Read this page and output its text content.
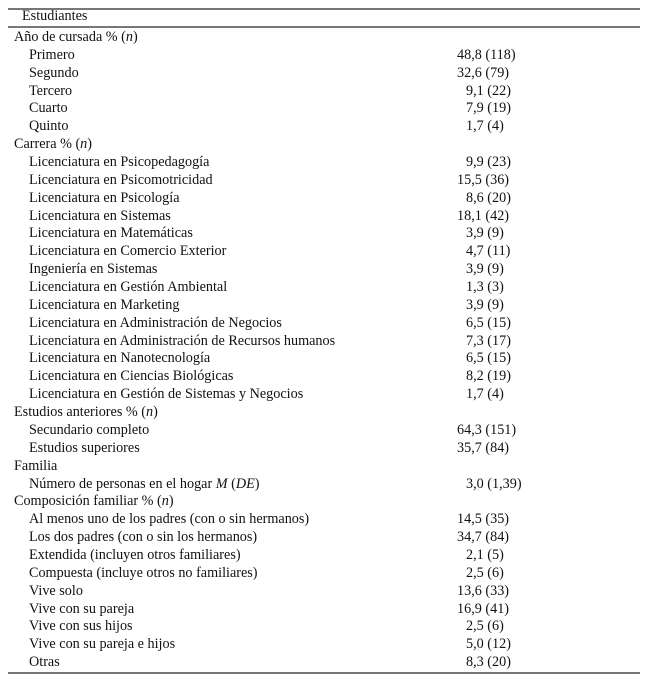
Estudiantes
Año de cursada % (n)
Primero	48,8 (118)
Segundo	32,6 (79)
Tercero	9,1 (22)
Cuarto	7,9 (19)
Quinto	1,7 (4)
Carrera % (n)
Licenciatura en Psicopedagogía	9,9 (23)
Licenciatura en Psicomotricidad	15,5 (36)
Licenciatura en Psicología	8,6 (20)
Licenciatura en Sistemas	18,1 (42)
Licenciatura en Matemáticas	3,9 (9)
Licenciatura en Comercio Exterior	4,7 (11)
Ingeniería en Sistemas	3,9 (9)
Licenciatura en Gestión Ambiental	1,3 (3)
Licenciatura en Marketing	3,9 (9)
Licenciatura en Administración de Negocios	6,5 (15)
Licenciatura en Administración de Recursos humanos	7,3 (17)
Licenciatura en Nanotecnología	6,5 (15)
Licenciatura en Ciencias Biológicas	8,2 (19)
Licenciatura en Gestión de Sistemas y Negocios	1,7 (4)
Estudios anteriores % (n)
Secundario completo	64,3 (151)
Estudios superiores	35,7 (84)
Familia
Número de personas en el hogar M (DE)	3,0 (1,39)
Composición familiar % (n)
Al menos uno de los padres (con o sin hermanos)	14,5 (35)
Los dos padres (con o sin los hermanos)	34,7 (84)
Extendida (incluyen otros familiares)	2,1 (5)
Compuesta (incluye otros no familiares)	2,5 (6)
Vive solo	13,6 (33)
Vive con su pareja	16,9 (41)
Vive con sus hijos	2,5 (6)
Vive con su pareja e hijos	5,0 (12)
Otras	8,3 (20)
